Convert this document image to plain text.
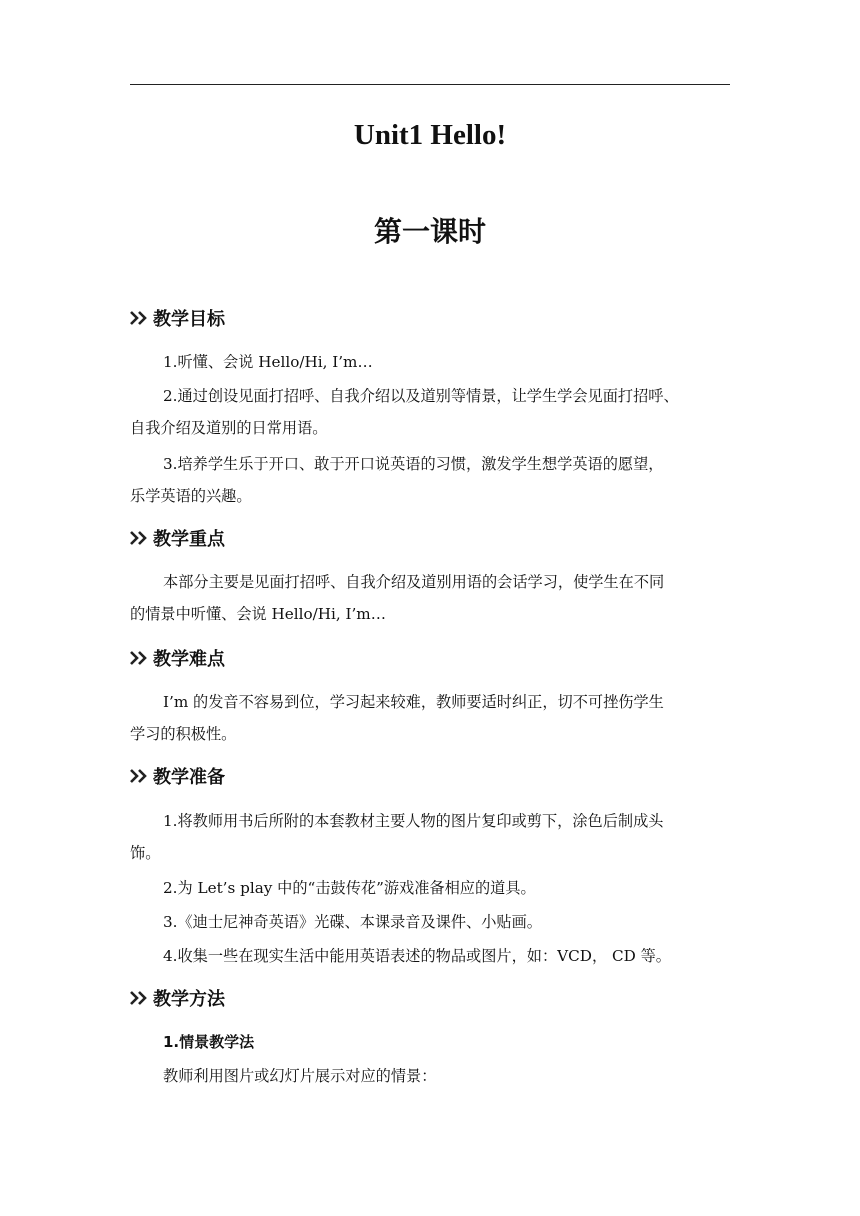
Unit1 Hello!
第一课时
教学目标

1.听懂、会说 Hello/Hi, I’m…

2.通过创设见面打招呼、自我介绍以及道别等情景，让学生学会见面打招呼、
自我介绍及道别的日常用语。

3.培养学生乐于开口、敢于开口说英语的习惯，激发学生想学英语的愿望，
乐学英语的兴趣。

教学重点

本部分主要是见面打招呼、自我介绍及道别用语的会话学习，使学生在不同
的情景中听懂、会说 Hello/Hi, I’m…

教学难点

I’m 的发音不容易到位，学习起来较难，教师要适时纠正，切不可挫伤学生
学习的积极性。

教学准备

1.将教师用书后所附的本套教材主要人物的图片复印或剪下，涂色后制成头
饰。

2.为 Let’s play 中的“击鼓传花”游戏准备相应的道具。

3.《迪士尼神奇英语》光碟、本课录音及课件、小贴画。

4.收集一些在现实生活中能用英语表述的物品或图片，如：VCD， CD 等。

教学方法
1.情景教学法

教师利用图片或幻灯片展示对应的情景：
